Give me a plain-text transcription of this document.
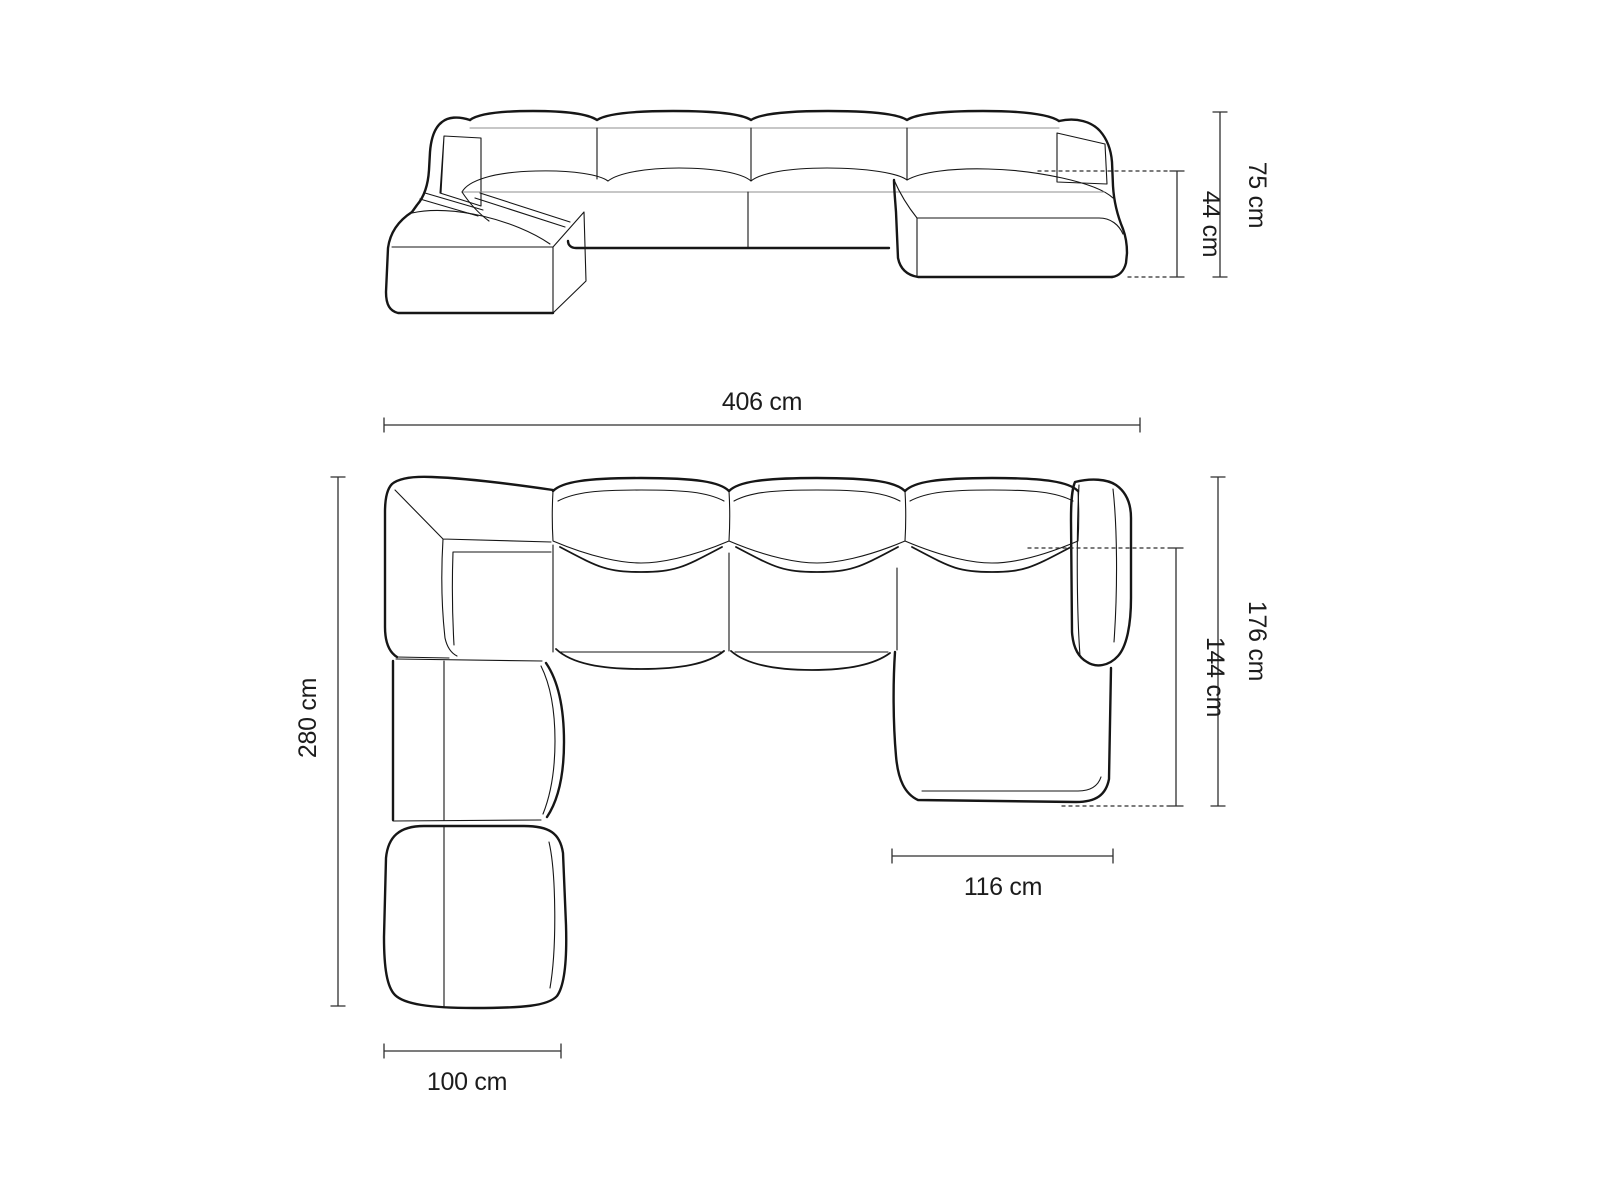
44 cm 75 cm
406 cm
280 cm
176 cm
144 cm
116 cm
100 cm
